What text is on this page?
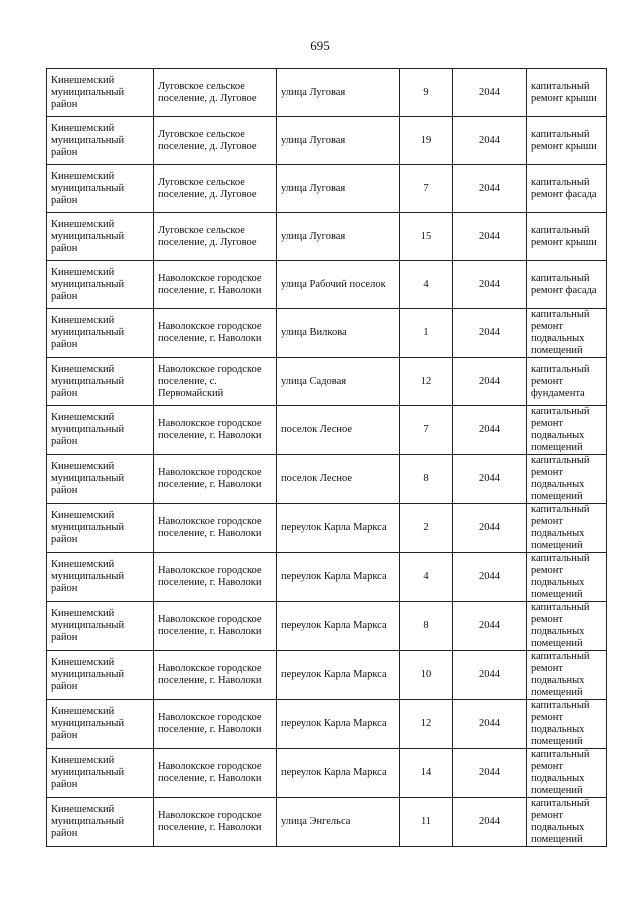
695
Кинешемский муниципальный район	Луговское сельское поселение, д. Луговое	улица Луговая	9	2044	капитальный ремонт крыши
Кинешемский муниципальный район	Луговское сельское поселение, д. Луговое	улица Луговая	19	2044	капитальный ремонт крыши
Кинешемский муниципальный район	Луговское сельское поселение, д. Луговое	улица Луговая	7	2044	капитальный ремонт фасада
Кинешемский муниципальный район	Луговское сельское поселение, д. Луговое	улица Луговая	15	2044	капитальный ремонт крыши
Кинешемский муниципальный район	Наволокское городское поселение, г. Наволоки	улица Рабочий поселок	4	2044	капитальный ремонт фасада
Кинешемский муниципальный район	Наволокское городское поселение, г. Наволоки	улица Вилкова	1	2044	капитальный ремонт подвальных помещений
Кинешемский муниципальный район	Наволокское городское поселение, с. Первомайский	улица Садовая	12	2044	капитальный ремонт фундамента
Кинешемский муниципальный район	Наволокское городское поселение, г. Наволоки	поселок Лесное	7	2044	капитальный ремонт подвальных помещений
Кинешемский муниципальный район	Наволокское городское поселение, г. Наволоки	поселок Лесное	8	2044	капитальный ремонт подвальных помещений
Кинешемский муниципальный район	Наволокское городское поселение, г. Наволоки	переулок Карла Маркса	2	2044	капитальный ремонт подвальных помещений
Кинешемский муниципальный район	Наволокское городское поселение, г. Наволоки	переулок Карла Маркса	4	2044	капитальный ремонт подвальных помещений
Кинешемский муниципальный район	Наволокское городское поселение, г. Наволоки	переулок Карла Маркса	8	2044	капитальный ремонт подвальных помещений
Кинешемский муниципальный район	Наволокское городское поселение, г. Наволоки	переулок Карла Маркса	10	2044	капитальный ремонт подвальных помещений
Кинешемский муниципальный район	Наволокское городское поселение, г. Наволоки	переулок Карла Маркса	12	2044	капитальный ремонт подвальных помещений
Кинешемский муниципальный район	Наволокское городское поселение, г. Наволоки	переулок Карла Маркса	14	2044	капитальный ремонт подвальных помещений
Кинешемский муниципальный район	Наволокское городское поселение, г. Наволоки	улица Энгельса	11	2044	капитальный ремонт подвальных помещений
